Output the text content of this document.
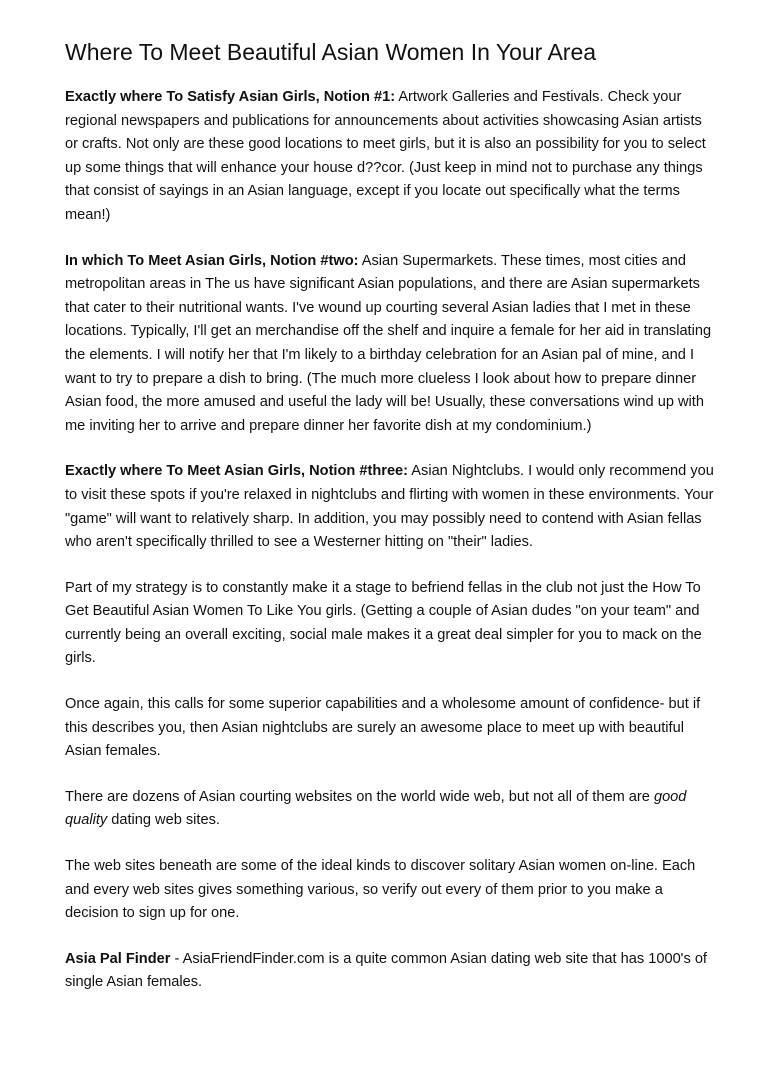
Where To Meet Beautiful Asian Women In Your Area

Exactly where To Satisfy Asian Girls, Notion #1: Artwork Galleries and Festivals. Check your regional newspapers and publications for announcements about activities showcasing Asian artists or crafts. Not only are these good locations to meet girls, but it is also an possibility for you to select up some things that will enhance your house d??cor. (Just keep in mind not to purchase any things that consist of sayings in an Asian language, except if you locate out specifically what the terms mean!)

In which To Meet Asian Girls, Notion #two: Asian Supermarkets. These times, most cities and metropolitan areas in The us have significant Asian populations, and there are Asian supermarkets that cater to their nutritional wants. I've wound up courting several Asian ladies that I met in these locations. Typically, I'll get an merchandise off the shelf and inquire a female for her aid in translating the elements. I will notify her that I'm likely to a birthday celebration for an Asian pal of mine, and I want to try to prepare a dish to bring. (The much more clueless I look about how to prepare dinner Asian food, the more amused and useful the lady will be! Usually, these conversations wind up with me inviting her to arrive and prepare dinner her favorite dish at my condominium.)

Exactly where To Meet Asian Girls, Notion #three: Asian Nightclubs. I would only recommend you to visit these spots if you're relaxed in nightclubs and flirting with women in these environments. Your "game" will want to relatively sharp. In addition, you may possibly need to contend with Asian fellas who aren't specifically thrilled to see a Westerner hitting on "their" ladies.

Part of my strategy is to constantly make it a stage to befriend fellas in the club not just the How To Get Beautiful Asian Women To Like You girls. (Getting a couple of Asian dudes "on your team" and currently being an overall exciting, social male makes it a great deal simpler for you to mack on the girls.

Once again, this calls for some superior capabilities and a wholesome amount of confidence- but if this describes you, then Asian nightclubs are surely an awesome place to meet up with beautiful Asian females.

There are dozens of Asian courting websites on the world wide web, but not all of them are good quality dating web sites.

The web sites beneath are some of the ideal kinds to discover solitary Asian women on-line. Each and every web sites gives something various, so verify out every of them prior to you make a decision to sign up for one.

Asia Pal Finder - AsiaFriendFinder.com is a quite common Asian dating web site that has 1000's of single Asian females.
